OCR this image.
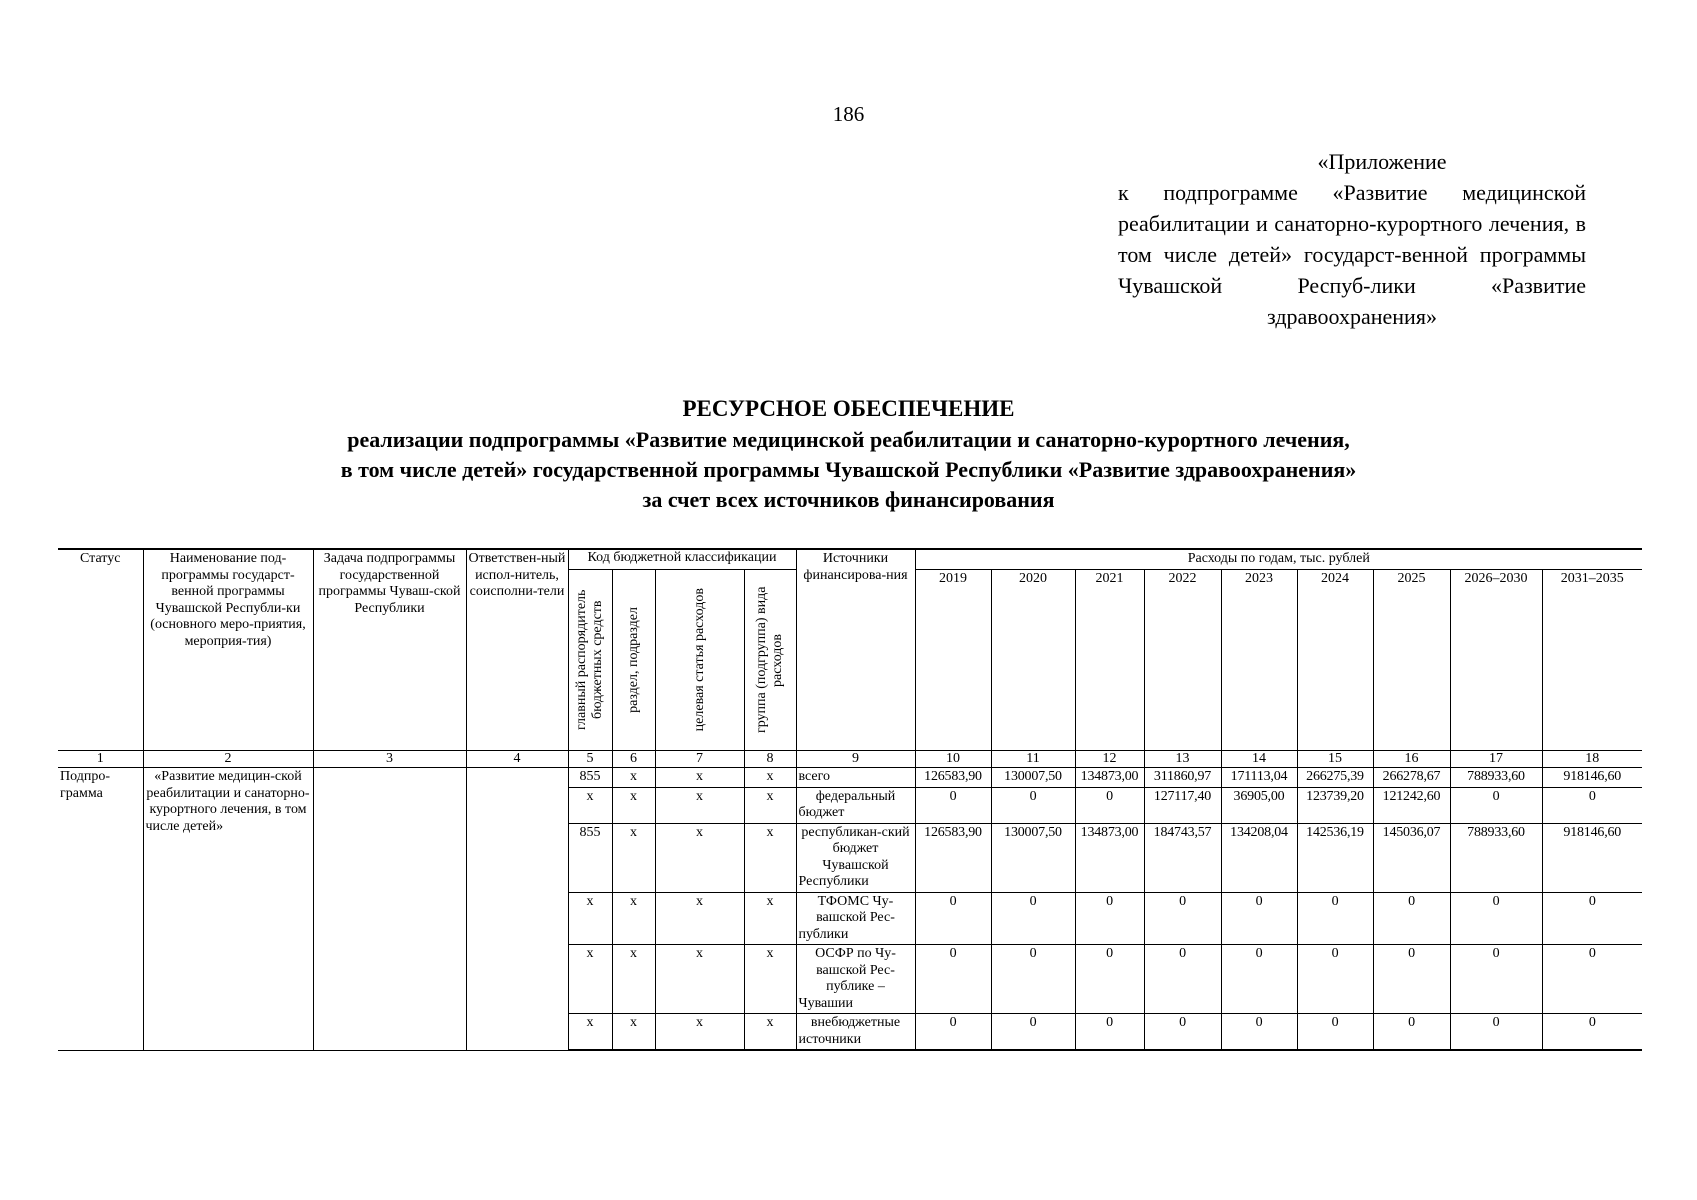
186
«Приложение
к подпрограмме «Развитие медицинской реабилитации и санаторно-курортного лечения, в том числе детей» государст-венной программы Чувашской Респуб-лики «Развитие здравоохранения»
РЕСУРСНОЕ ОБЕСПЕЧЕНИЕ
реализации подпрограммы «Развитие медицинской реабилитации и санаторно-курортного лечения,
в том числе детей» государственной программы Чувашской Республики «Развитие здравоохранения»
за счет всех источников финансирования
Статус	Наименование под-программы государст-венной программы Чувашской Республи-ки (основного меро-приятия, мероприя-тия)	Задача подпрограммы государственной программы Чуваш-ской Республики	Ответствен-ный испол-нитель, соисполни-тели	Код бюджетной классификации				Источники финансирова-ния	Расходы по годам, тыс. рублей								

				главный распорядитель бюджетных средств	раздел, подраздел	целевая статья расходов	группа (подгруппа) вида расходов		2019	2020	2021	2022	2023	2024	2025	2026–2030	2031–2035
1	2	3	4	5	6	7	8	9	10	11	12	13	14	15	16	17	18
Подпро-грамма	«Развитие медицин-ской реабилитации и санаторно-курортного лечения, в том числе детей»			855	x	x	x	всего	126583,90	130007,50	134873,00	311860,97	171113,04	266275,39	266278,67	788933,60	918146,60
				x	x	x	x	федеральный бюджет	0	0	0	127117,40	36905,00	123739,20	121242,60	0	0
				855	x	x	x	республикан-ский бюджет Чувашской Республики	126583,90	130007,50	134873,00	184743,57	134208,04	142536,19	145036,07	788933,60	918146,60
				x	x	x	x	ТФОМС Чу-вашской Рес-публики	0	0	0	0	0	0	0	0	0
				x	x	x	x	ОСФР по Чу-вашской Рес-публике – Чувашии	0	0	0	0	0	0	0	0	0
				x	x	x	x	внебюджетные источники	0	0	0	0	0	0	0	0	0
